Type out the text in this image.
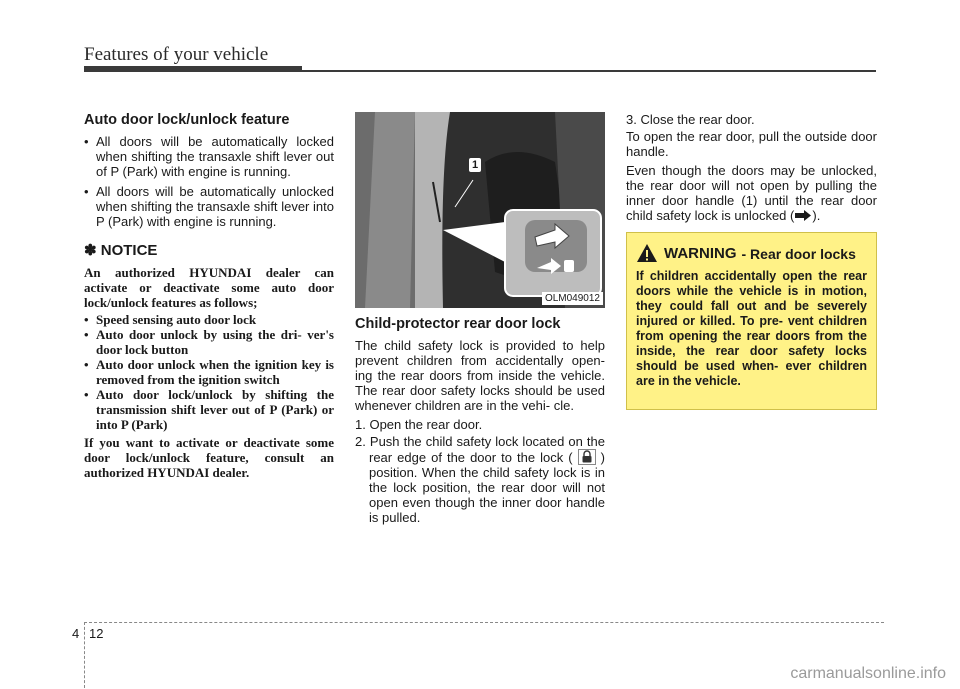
Features of your vehicle
Auto door lock/unlock feature
• All doors will be automatically locked when shifting the transaxle shift lever out of P (Park) with engine is running.
• All doors will be automatically unlocked when shifting the transaxle shift lever into P (Park) with engine is running.
✽ NOTICE

An authorized HYUNDAI dealer can activate or deactivate some auto door lock/unlock features as follows;

• Speed sensing auto door lock
• Auto door unlock by using the dri- ver's door lock button
• Auto door unlock when the ignition key is removed from the ignition switch
• Auto door lock/unlock by shifting the transmission shift lever out of P (Park) or into P (Park)

If you want to activate or deactivate some door lock/unlock feature, consult an authorized HYUNDAI dealer.

1
OLM049012
Child-protector rear door lock

The child safety lock is provided to help prevent children from accidentally open- ing the rear doors from inside the vehicle. The rear door safety locks should be used whenever children are in the vehi- cle.

1. Open the rear door.
2. Push the child safety lock located on the rear edge of the door to the lock ( ) position. When the child safety lock is in the lock position, the rear door will not open even though the inner door handle is pulled.
3. Close the rear door.

To open the rear door, pull the outside door handle.

Even though the doors may be unlocked, the rear door will not open by pulling the inner door handle (1) until the rear door child safety lock is unlocked ( ).

WARNING - Rear door locks

If children accidentally open the rear doors while the vehicle is in motion, they could fall out and be severely injured or killed. To pre- vent children from opening the rear doors from the inside, the rear door safety locks should be used when- ever children are in the vehicle.

4 12
carmanualsonline.info
